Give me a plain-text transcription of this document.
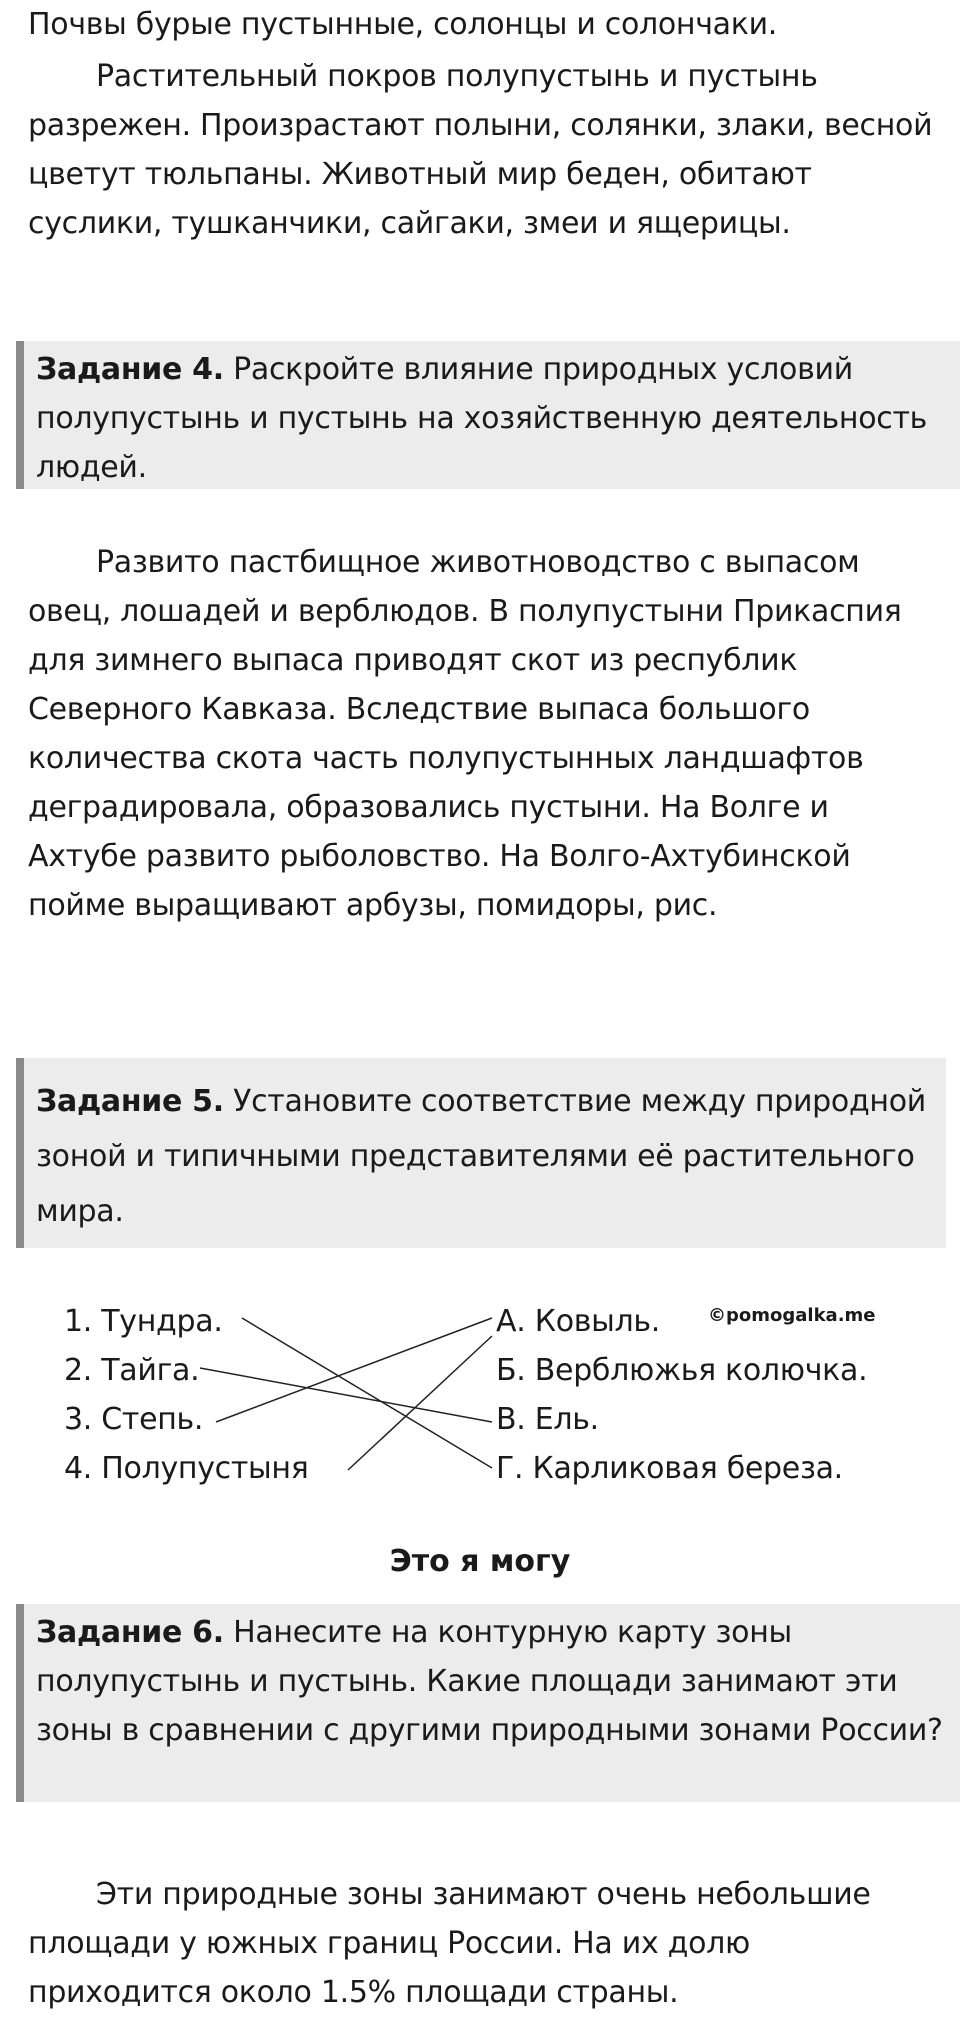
Почвы бурые пустынные, солонцы и солончаки.

Растительный покров полупустынь и пустынь разрежен. Произрастают полыни, солянки, злаки, весной цветут тюльпаны. Животный мир беден, обитают суслики, тушканчики, сайгаки, змеи и ящерицы.

Задание 4. Раскройте влияние природных условий полупустынь и пустынь на хозяйственную деятельность людей.

Развито пастбищное животноводство с выпасом овец, лошадей и верблюдов. В полупустыни Прикаспия для зимнего выпаса приводят скот из республик Северного Кавказа. Вследствие выпаса большого количества скота часть полупустынных ландшафтов деградировала, образовались пустыни. На Волге и Ахтубе развито рыболовство. На Волго-Ахтубинской пойме выращивают арбузы, помидоры, рис.

Задание 5. Установите соответствие между природной зоной и типичными представителями её растительного мира.
1. Тундра.
2. Тайга.
3. Степь.
4. Полупустыня
А. Ковыль.
Б. Верблюжья колючка.
В. Ель.
Г. Карликовая береза.
©pomogalka.me
Это я могу
Задание 6. Нанесите на контурную карту зоны полупустынь и пустынь. Какие площади занимают эти зоны в сравнении с другими природными зонами России?

Эти природные зоны занимают очень небольшие площади у южных границ России. На их долю приходится около 1.5% площади страны.
